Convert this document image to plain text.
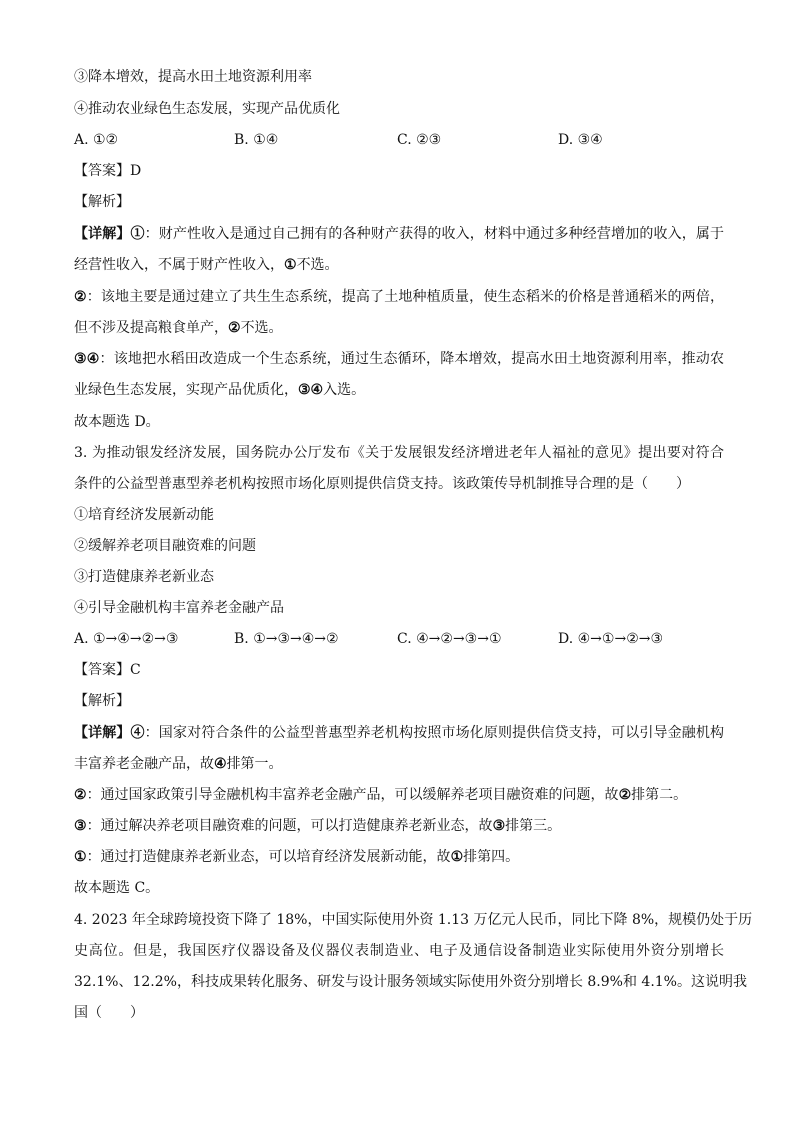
③降本增效，提高水田土地资源利用率
④推动农业绿色生态发展，实现产品优质化
A. ①②	B. ①④	C. ②③	D. ③④
【答案】D
【解析】
【详解】①：财产性收入是通过自己拥有的各种财产获得的收入，材料中通过多种经营增加的收入，属于
经营性收入，不属于财产性收入，①不选。
②：该地主要是通过建立了共生生态系统，提高了土地种植质量，使生态稻米的价格是普通稻米的两倍，
但不涉及提高粮食单产，②不选。
③④：该地把水稻田改造成一个生态系统，通过生态循环，降本增效，提高水田土地资源利用率，推动农
业绿色生态发展，实现产品优质化，③④入选。
故本题选 D。
3. 为推动银发经济发展，国务院办公厅发布《关于发展银发经济增进老年人福祉的意见》提出要对符合
条件的公益型普惠型养老机构按照市场化原则提供信贷支持。该政策传导机制推导合理的是（　　）
①培育经济发展新动能
②缓解养老项目融资难的问题
③打造健康养老新业态
④引导金融机构丰富养老金融产品
A. ①→④→②→③	B. ①→③→④→②	C. ④→②→③→①	D. ④→①→②→③
【答案】C
【解析】
【详解】④：国家对符合条件的公益型普惠型养老机构按照市场化原则提供信贷支持，可以引导金融机构
丰富养老金融产品，故④排第一。
②：通过国家政策引导金融机构丰富养老金融产品，可以缓解养老项目融资难的问题，故②排第二。
③：通过解决养老项目融资难的问题，可以打造健康养老新业态，故③排第三。
①：通过打造健康养老新业态，可以培育经济发展新动能，故①排第四。
故本题选 C。
4. 2023 年全球跨境投资下降了 18%，中国实际使用外资 1.13 万亿元人民币，同比下降 8%，规模仍处于历
史高位。但是，我国医疗仪器设备及仪器仪表制造业、电子及通信设备制造业实际使用外资分别增长
32.1%、12.2%，科技成果转化服务、研发与设计服务领域实际使用外资分别增长 8.9%和 4.1%。这说明我
国（　　）
